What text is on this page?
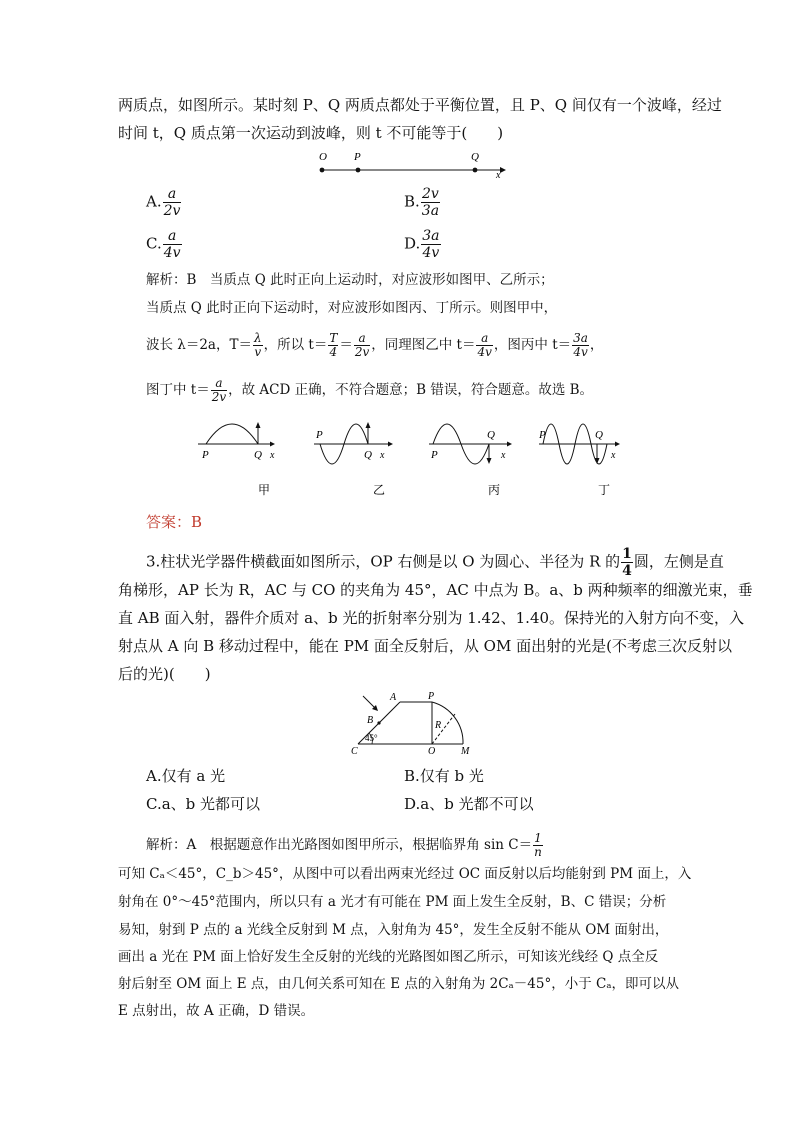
两质点，如图所示。某时刻 P、Q 两质点都处于平衡位置，且 P、Q 间仅有一个波峰，经过
时间 t，Q 质点第一次运动到波峰，则 t 不可能等于(　　)
O P	Q
x
A. $\frac{a}{2v}$	B. $\frac{2v}{3a}$
C. $\frac{a}{4v}$	D. $\frac{3a}{4v}$
解析：B　当质点 Q 此时正向上运动时，对应波形如图甲、乙所示；
当质点 Q 此时正向下运动时，对应波形如图丙、丁所示。则图甲中，
波长 λ＝2a，$T= \frac{\lambda}{v}$ ，所以 $t= \frac{T}{4} = \frac{a}{2v}$ ，同理图乙中 $t= \frac{a}{4v}$ ，图丙中 $t= \frac{3a}{4v}$ ，
图丁中 $t= \frac{a}{2v}$ ，故 ACD 正确，不符合题意；B 错误，符合题意。故选 B。
P	Q x
P
Q x	P
Q
x
P	Q
x
甲	乙	丙	丁
答案：B
3.柱状光学器件横截面如图所示，OP 右侧是以 O 为圆心、半径为 R 的 $\frac{1}{4}$ 圆，左侧是直
角梯形，AP 长为 R，AC 与 CO 的夹角为 45°，AC 中点为 B。a、b 两种频率的细激光束，垂
直 AB 面入射，器件介质对 a、b 光的折射率分别为 1.42、1.40。保持光的入射方向不变，入
射点从 A 向 B 移动过程中，能在 PM 面全反射后，从 OM 面出射的光是(不考虑三次反射以
后的光)(　　)
A	P
B	R
45°
C	O	M
A.仅有 a 光	B.仅有 b 光
C.a、b 光都可以	D.a、b 光都不可以
解析：A　根据题意作出光路图如图甲所示，根据临界角 $\sin C= \frac{1}{n}$
可知 Cₐ＜45°，C_b＞45°，从图中可以看出两束光经过 OC 面反射以后均能射到 PM 面上，入
射角在 0°～45°范围内，所以只有 a 光才有可能在 PM 面上发生全反射，B、C 错误；分析
易知，射到 P 点的 a 光线全反射到 M 点，入射角为 45°，发生全反射不能从 OM 面射出，
画出 a 光在 PM 面上恰好发生全反射的光线的光路图如图乙所示，可知该光线经 Q 点全反
射后射至 OM 面上 E 点，由几何关系可知在 E 点的入射角为 2Cₐ－45°，小于 Cₐ，即可以从
E 点射出，故 A 正确，D 错误。
